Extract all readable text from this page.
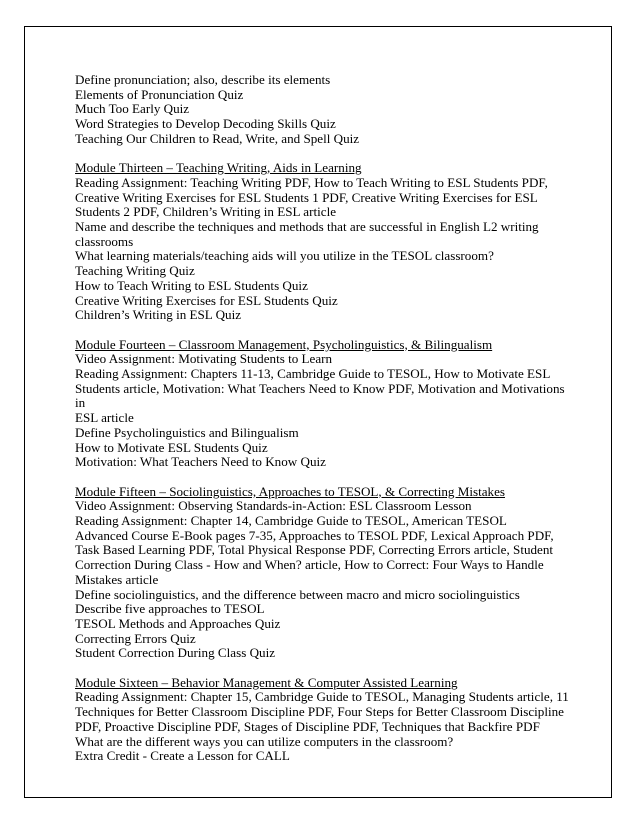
Define pronunciation; also, describe its elements

Elements of Pronunciation Quiz

Much Too Early Quiz

Word Strategies to Develop Decoding Skills Quiz

Teaching Our Children to Read, Write, and Spell Quiz

Module Thirteen – Teaching Writing, Aids in Learning

Reading Assignment: Teaching Writing PDF, How to Teach Writing to ESL Students PDF,

Creative Writing Exercises for ESL Students 1 PDF, Creative Writing Exercises for ESL

Students 2 PDF, Children’s Writing in ESL article

Name and describe the techniques and methods that are successful in English L2 writing

classrooms

What learning materials/teaching aids will you utilize in the TESOL classroom?

Teaching Writing Quiz

How to Teach Writing to ESL Students Quiz

Creative Writing Exercises for ESL Students Quiz

Children’s Writing in ESL Quiz

Module Fourteen – Classroom Management, Psycholinguistics, & Bilingualism

Video Assignment: Motivating Students to Learn

Reading Assignment: Chapters 11-13, Cambridge Guide to TESOL, How to Motivate ESL

Students article, Motivation: What Teachers Need to Know PDF, Motivation and Motivations in

ESL article

Define Psycholinguistics and Bilingualism

How to Motivate ESL Students Quiz

Motivation: What Teachers Need to Know Quiz

Module Fifteen – Sociolinguistics, Approaches to TESOL, & Correcting Mistakes

Video Assignment: Observing Standards-in-Action: ESL Classroom Lesson

Reading Assignment: Chapter 14, Cambridge Guide to TESOL, American TESOL

Advanced Course E-Book pages 7-35, Approaches to TESOL PDF, Lexical Approach PDF,

Task Based Learning PDF, Total Physical Response PDF, Correcting Errors article, Student

Correction During Class - How and When? article, How to Correct: Four Ways to Handle

Mistakes article

Define sociolinguistics, and the difference between macro and micro sociolinguistics

Describe five approaches to TESOL

TESOL Methods and Approaches Quiz

Correcting Errors Quiz

Student Correction During Class Quiz

Module Sixteen – Behavior Management & Computer Assisted Learning

Reading Assignment: Chapter 15, Cambridge Guide to TESOL, Managing Students article, 11

Techniques for Better Classroom Discipline PDF, Four Steps for Better Classroom Discipline

PDF, Proactive Discipline PDF, Stages of Discipline PDF, Techniques that Backfire PDF

What are the different ways you can utilize computers in the classroom?

Extra Credit - Create a Lesson for CALL
